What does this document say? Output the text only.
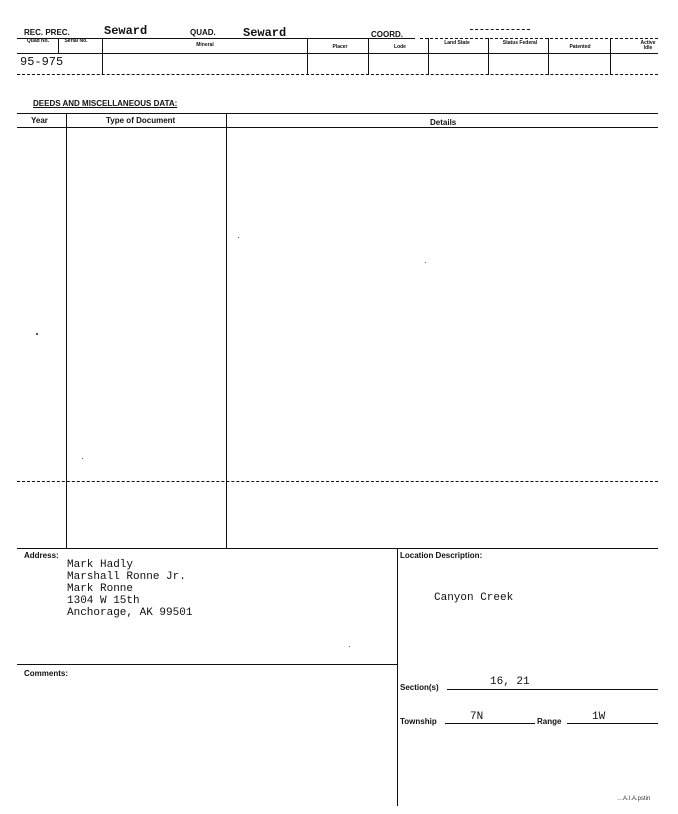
REC. PREC.	Seward	QUAD. Seward	COORD.
Quad No.	Serial No.
Mineral	Placer	Lode
Land State	Status Federal
Patented
Active Idle
95-975
DEEDS AND MISCELLANEOUS DATA:
Year	Type of Document	Details
Address:
Mark Hadly
Marshall Ronne Jr.
Mark Ronne
1304 W 15th
Anchorage, AK 99501
Comments:
Location Description:
Canyon Creek
Section(s)	16, 21
Township	7N	Range	1W
…A.I.A.pstin
